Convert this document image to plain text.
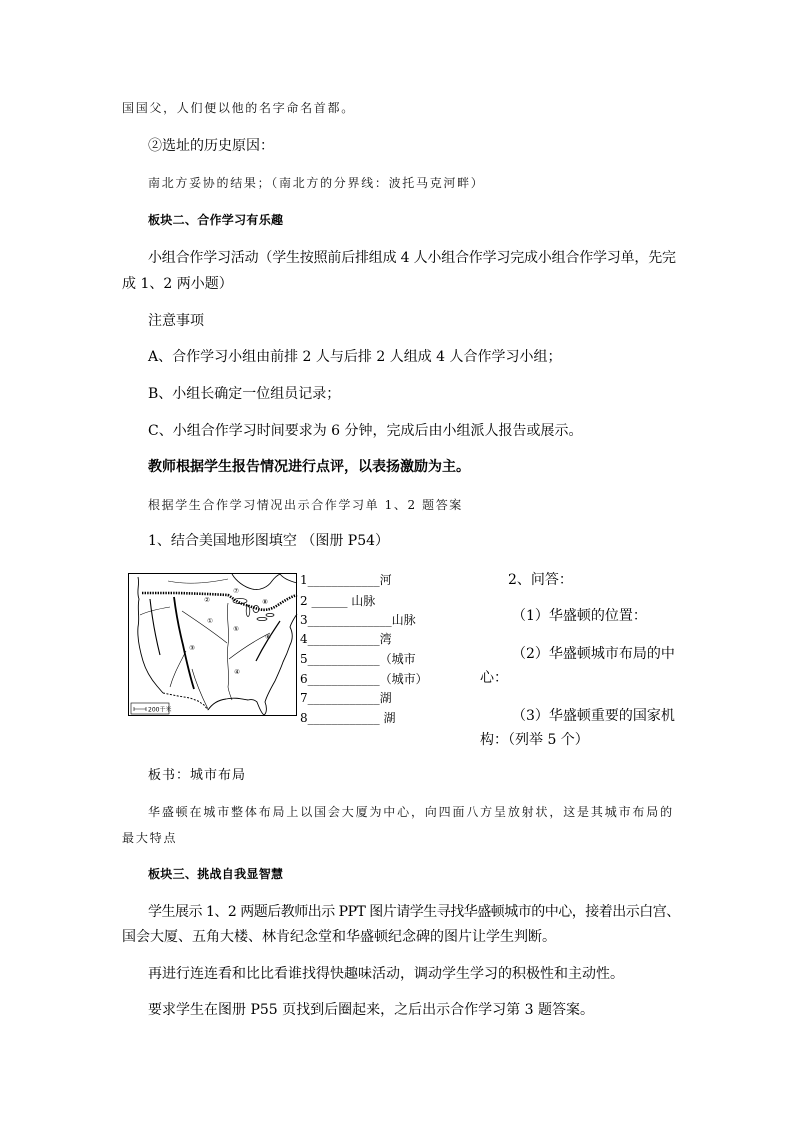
国国父，人们便以他的名字命名首都。
②选址的历史原因：
南北方妥协的结果；（南北方的分界线：波托马克河畔）
板块二、合作学习有乐趣
小组合作学习活动（学生按照前后排组成 4 人小组合作学习完成小组合作学习单，先完
成 1、2 两小题）
注意事项
A、合作学习小组由前排 2 人与后排 2 人组成 4 人合作学习小组；
B、小组长确定一位组员记录；
C、小组合作学习时间要求为 6 分钟，完成后由小组派人报告或展示。
教师根据学生报告情况进行点评，以表扬激励为主。
根据学生合作学习情况出示合作学习单 1、2 题答案
1、结合美国地形图填空 （图册 P54）
①
②
③
④
⑤
⑥
⑦
⑧
200千米
1____________河
2 ______ 山脉
3______________山脉
4____________湾
5____________（城市
6____________（城市）
7____________湖
8____________ 湖
2、问答：
（1）华盛顿的位置：
（2）华盛顿城市布局的中
心：
（3）华盛顿重要的国家机
构：（列举 5 个）
板书：城市布局
华盛顿在城市整体布局上以国会大厦为中心，向四面八方呈放射状，这是其城市布局的
最大特点
板块三、挑战自我显智慧
学生展示 1、2 两题后教师出示 PPT 图片请学生寻找华盛顿城市的中心，接着出示白宫、
国会大厦、五角大楼、林肯纪念堂和华盛顿纪念碑的图片让学生判断。
再进行连连看和比比看谁找得快趣味活动，调动学生学习的积极性和主动性。
要求学生在图册 P55 页找到后圈起来，之后出示合作学习第 3 题答案。
